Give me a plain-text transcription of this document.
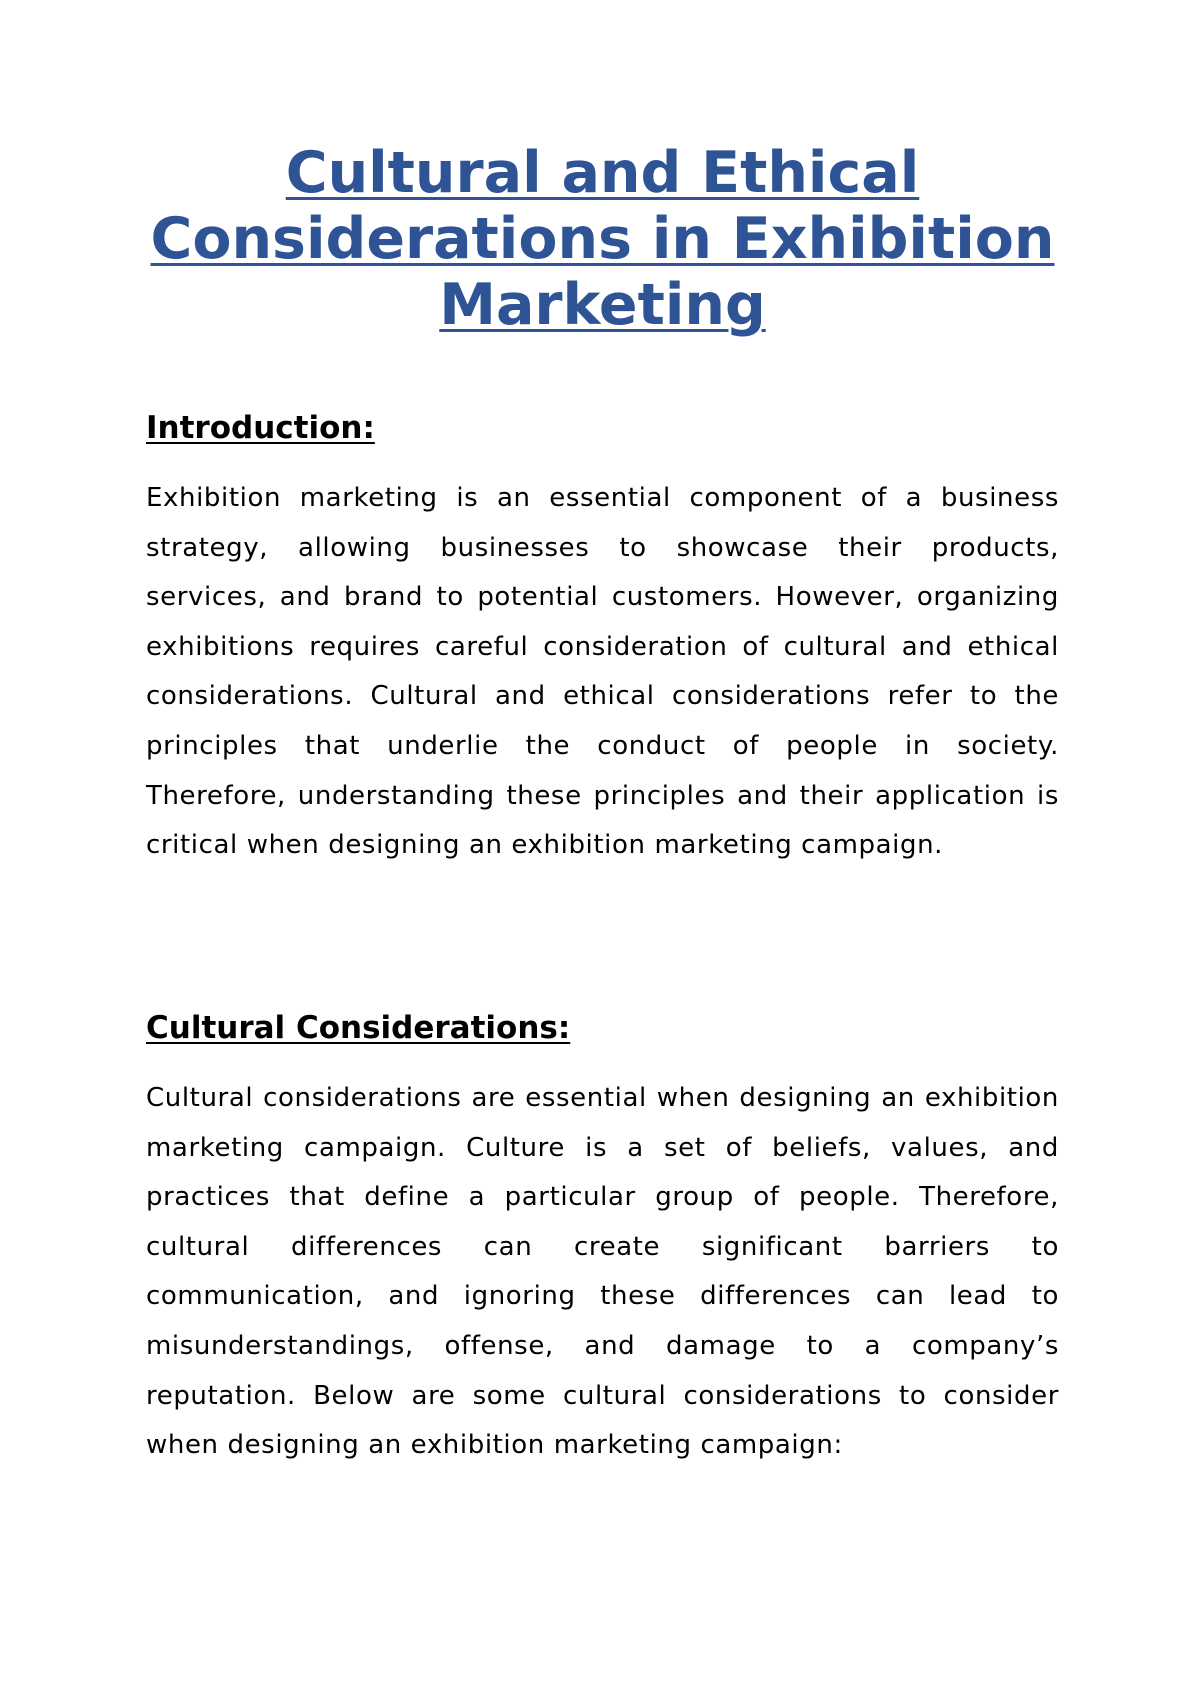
Cultural and Ethical Considerations in Exhibition Marketing
Introduction:

Exhibition marketing is an essential component of a business strategy, allowing businesses to showcase their products, services, and brand to potential customers. However, organizing exhibitions requires careful consideration of cultural and ethical considerations. Cultural and ethical considerations refer to the principles that underlie the conduct of people in society. Therefore, understanding these principles and their application is critical when designing an exhibition marketing campaign.

Cultural Considerations:

Cultural considerations are essential when designing an exhibition marketing campaign. Culture is a set of beliefs, values, and practices that define a particular group of people. Therefore, cultural differences can create significant barriers to communication, and ignoring these differences can lead to misunderstandings, offense, and damage to a company’s reputation. Below are some cultural considerations to consider when designing an exhibition marketing campaign:
